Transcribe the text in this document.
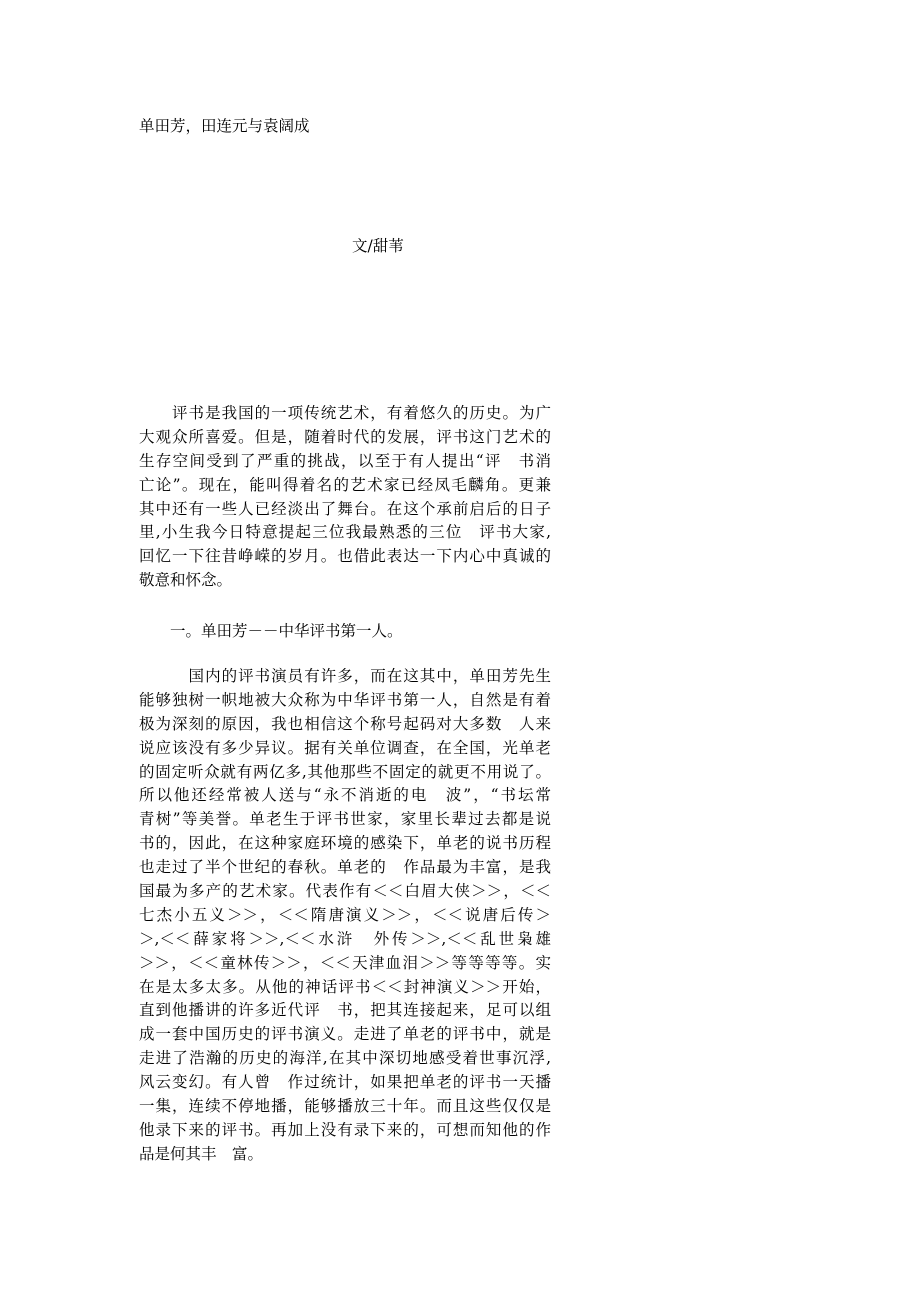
单田芳，田连元与袁阔成
文/甜苇
　　评书是我国的一项传统艺术，有着悠久的历史。为广
大观众所喜爱。但是，随着时代的发展，评书这门艺术的
生存空间受到了严重的挑战，以至于有人提出“评　书消
亡论”。现在，能叫得着名的艺术家已经凤毛麟角。更兼
其中还有一些人已经淡出了舞台。在这个承前启后的日子
里,小生我今日特意提起三位我最熟悉的三位　评书大家,
回忆一下往昔峥嵘的岁月。也借此表达一下内心中真诚的
敬意和怀念。
　　一。单田芳－－中华评书第一人。
　　　国内的评书演员有许多，而在这其中，单田芳先生
能够独树一帜地被大众称为中华评书第一人，自然是有着
极为深刻的原因，我也相信这个称号起码对大多数　人来
说应该没有多少异议。据有关单位调查，在全国，光单老
的固定听众就有两亿多,其他那些不固定的就更不用说了。
所以他还经常被人送与“永不消逝的电　波”，“书坛常
青树”等美誉。单老生于评书世家，家里长辈过去都是说
书的，因此，在这种家庭环境的感染下，单老的说书历程
也走过了半个世纪的春秋。单老的　作品最为丰富，是我
国最为多产的艺术家。代表作有＜＜白眉大侠＞＞，＜＜
七杰小五义＞＞，＜＜隋唐演义＞＞，＜＜说唐后传＞
＞,＜＜薛家将＞＞,＜＜水浒　外传＞＞,＜＜乱世枭雄
＞＞，＜＜童林传＞＞，＜＜天津血泪＞＞等等等等。实
在是太多太多。从他的神话评书＜＜封神演义＞＞开始，
直到他播讲的许多近代评　书，把其连接起来，足可以组
成一套中国历史的评书演义。走进了单老的评书中，就是
走进了浩瀚的历史的海洋,在其中深切地感受着世事沉浮,
风云变幻。有人曾　作过统计，如果把单老的评书一天播
一集，连续不停地播，能够播放三十年。而且这些仅仅是
他录下来的评书。再加上没有录下来的，可想而知他的作
品是何其丰　富。
